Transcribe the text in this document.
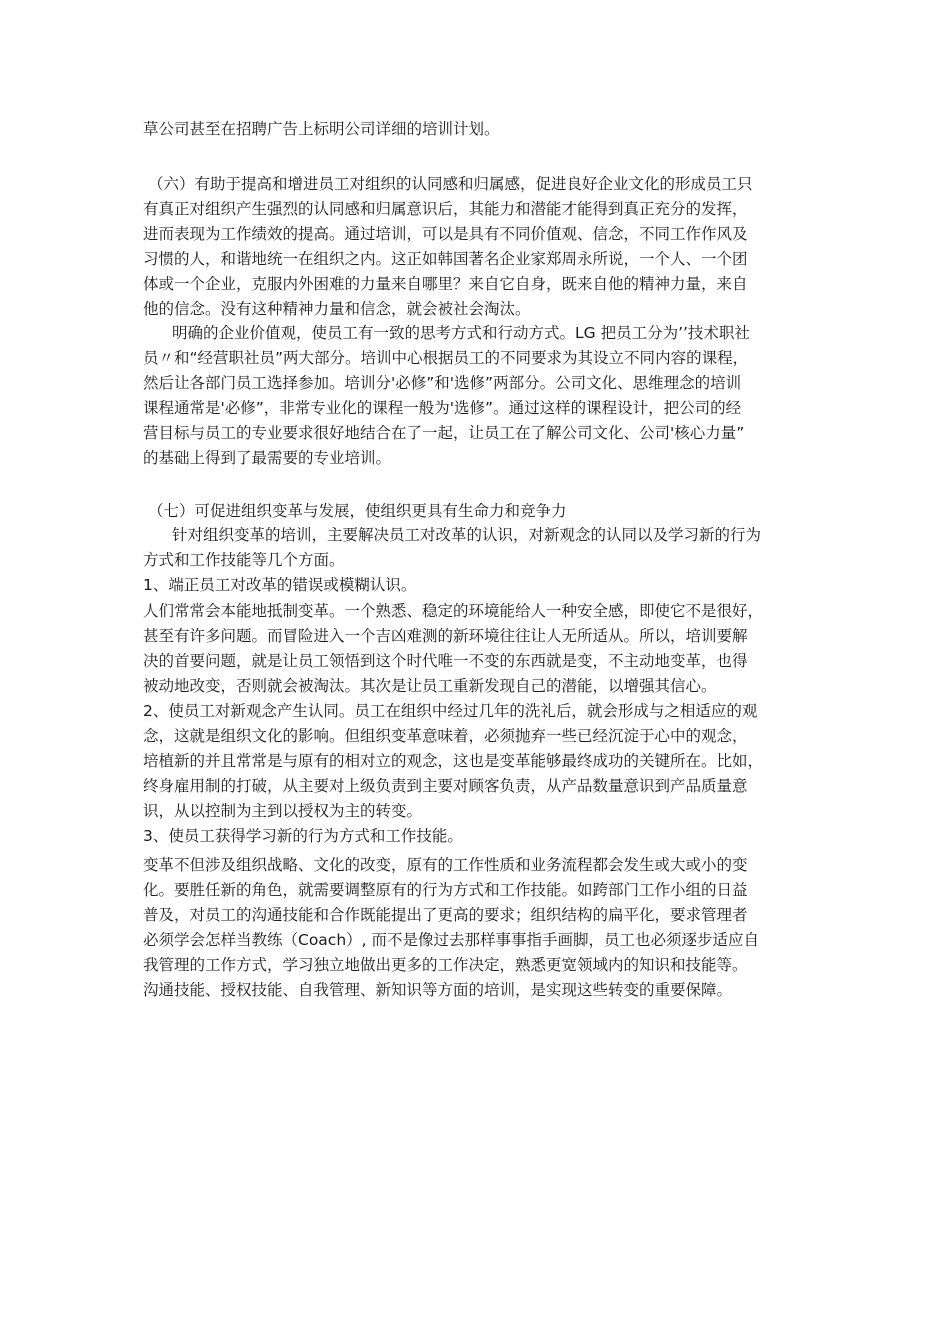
草公司甚至在招聘广告上标明公司详细的培训计划。
（六）有助于提高和增进员工对组织的认同感和归属感，促进良好企业文化的形成员工只
有真正对组织产生强烈的认同感和归属意识后，其能力和潜能才能得到真正充分的发挥，
进而表现为工作绩效的提高。通过培训，可以是具有不同价值观、信念，不同工作作风及
习惯的人，和谐地统一在组织之内。这正如韩国著名企业家郑周永所说，一个人、一个团
体或一个企业，克服内外困难的力量来自哪里？来自它自身，既来自他的精神力量，来自
他的信念。没有这种精神力量和信念，就会被社会淘汰。
明确的企业价值观，使员工有一致的思考方式和行动方式。LG 把员工分为’’技术职社
员〃和“经营职社员”两大部分。培训中心根据员工的不同要求为其设立不同内容的课程，
然后让各部门员工选择参加。培训分'必修”和'选修”两部分。公司文化、思维理念的培训
课程通常是'必修”，非常专业化的课程一般为'选修”。通过这样的课程设计，把公司的经
营目标与员工的专业要求很好地结合在了一起，让员工在了解公司文化、公司'核心力量”
的基础上得到了最需要的专业培训。
（七）可促进组织变革与发展，使组织更具有生命力和竞争力
针对组织变革的培训，主要解决员工对改革的认识，对新观念的认同以及学习新的行为
方式和工作技能等几个方面。
1、端正员工对改革的错误或模糊认识。
人们常常会本能地抵制变革。一个熟悉、稳定的环境能给人一种安全感，即使它不是很好，
甚至有许多问题。而冒险进入一个吉凶难测的新环境往往让人无所适从。所以，培训要解
决的首要问题，就是让员工领悟到这个时代唯一不变的东西就是变，不主动地变革，也得
被动地改变，否则就会被淘汰。其次是让员工重新发现自己的潜能，以增强其信心。
2、使员工对新观念产生认同。员工在组织中经过几年的洗礼后，就会形成与之相适应的观
念，这就是组织文化的影响。但组织变革意味着，必须抛弃一些已经沉淀于心中的观念，
培植新的并且常常是与原有的相对立的观念，这也是变革能够最终成功的关键所在。比如，
终身雇用制的打破，从主要对上级负责到主要对顾客负责，从产品数量意识到产品质量意
识，从以控制为主到以授权为主的转变。
3、使员工获得学习新的行为方式和工作技能。
变革不但涉及组织战略、文化的改变，原有的工作性质和业务流程都会发生或大或小的变
化。要胜任新的角色，就需要调整原有的行为方式和工作技能。如跨部门工作小组的日益
普及，对员工的沟通技能和合作既能提出了更高的要求；组织结构的扁平化，要求管理者
必须学会怎样当教练（Coach）, 而不是像过去那样事事指手画脚，员工也必须逐步适应自
我管理的工作方式，学习独立地做出更多的工作决定，熟悉更宽领域内的知识和技能等。
沟通技能、授权技能、自我管理、新知识等方面的培训，是实现这些转变的重要保障。
